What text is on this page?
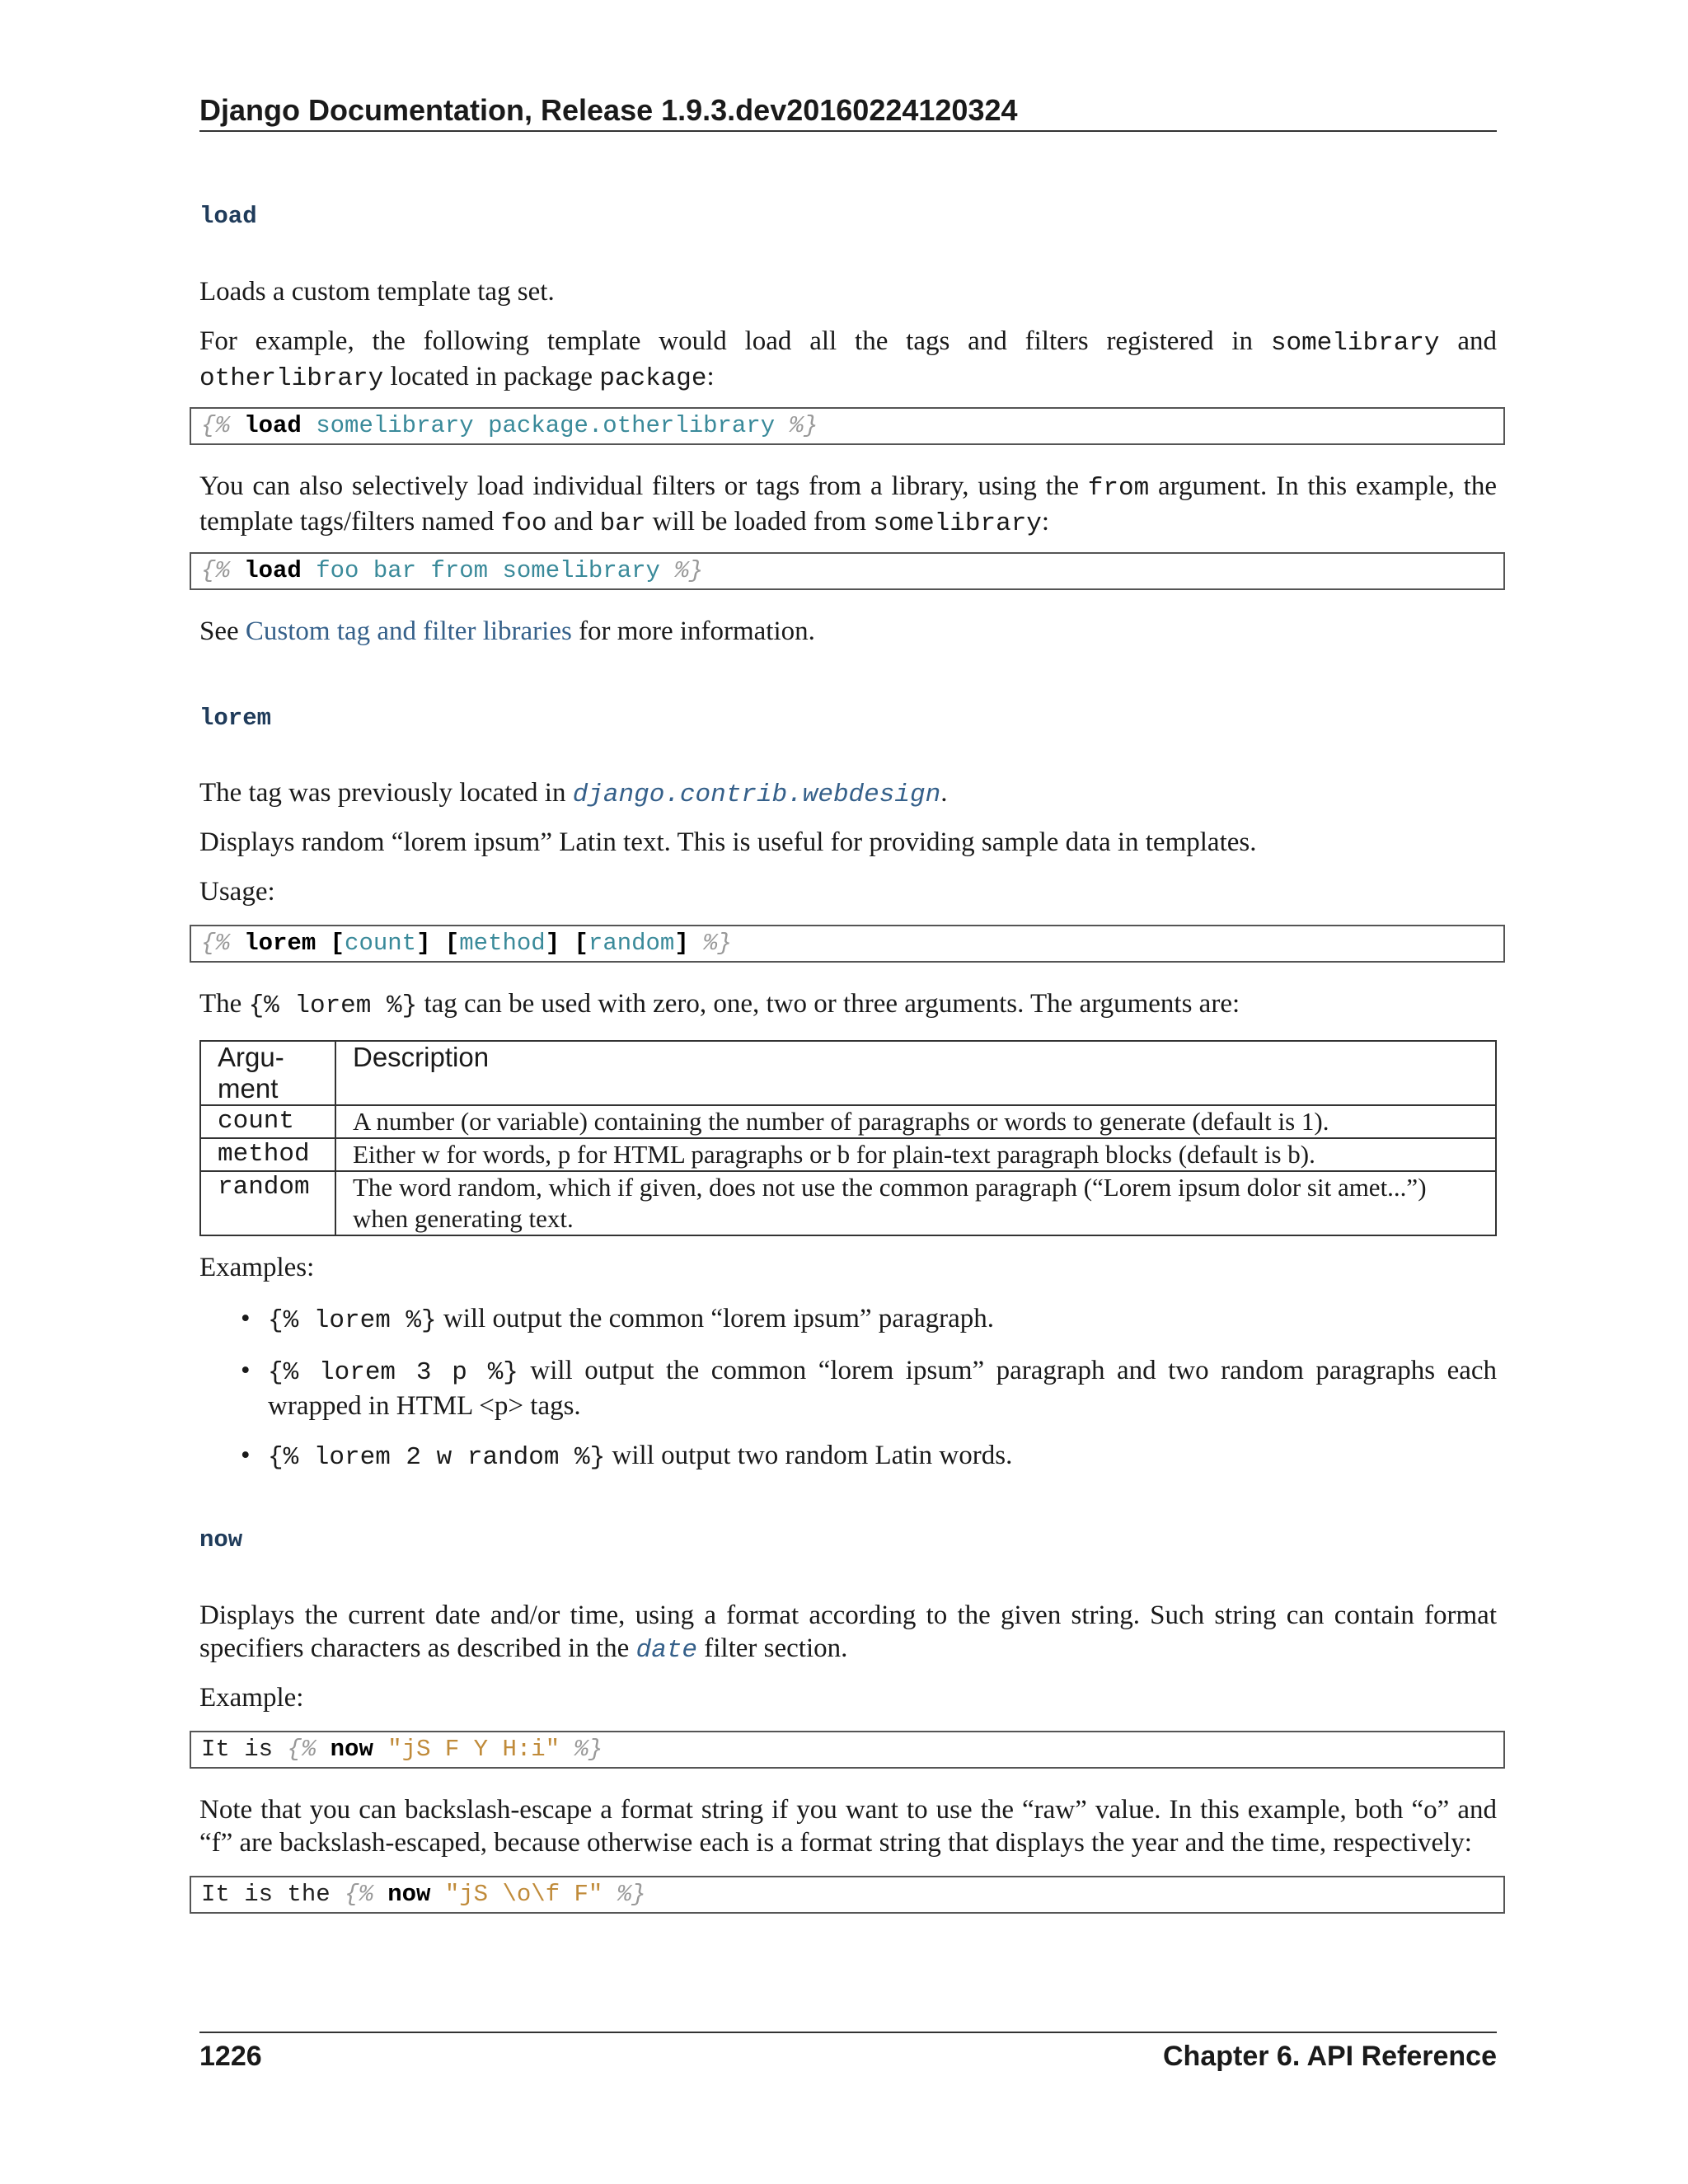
Django Documentation, Release 1.9.3.dev20160224120324
load

Loads a custom template tag set.

For example, the following template would load all the tags and filters registered in somelibrary and otherlibrary located in package package:

{% load somelibrary package.otherlibrary %}

You can also selectively load individual filters or tags from a library, using the from argument. In this example, the template tags/filters named foo and bar will be loaded from somelibrary:

{% load foo bar from somelibrary %}

See Custom tag and filter libraries for more information.

lorem

The tag was previously located in django.contrib.webdesign.

Displays random “lorem ipsum” Latin text. This is useful for providing sample data in templates.

Usage:

{% lorem [count] [method] [random] %}

The {% lorem %} tag can be used with zero, one, two or three arguments. The arguments are:

Argu-
ment	Description
count	A number (or variable) containing the number of paragraphs or words to generate (default is 1).
method	Either w for words, p for HTML paragraphs or b for plain-text paragraph blocks (default is b).
random	The word random, which if given, does not use the common paragraph (“Lorem ipsum dolor sit amet...”) when generating text.

Examples:

• {% lorem %} will output the common “lorem ipsum” paragraph.
• {% lorem 3 p %} will output the common “lorem ipsum” paragraph and two random paragraphs each wrapped in HTML <p> tags.
• {% lorem 2 w random %} will output two random Latin words.
now

Displays the current date and/or time, using a format according to the given string. Such string can contain format specifiers characters as described in the date filter section.

Example:

It is {% now "jS F Y H:i" %}

Note that you can backslash-escape a format string if you want to use the “raw” value. In this example, both “o” and “f” are backslash-escaped, because otherwise each is a format string that displays the year and the time, respectively:

It is the {% now "jS \o\f F" %}
1226	Chapter 6. API Reference
